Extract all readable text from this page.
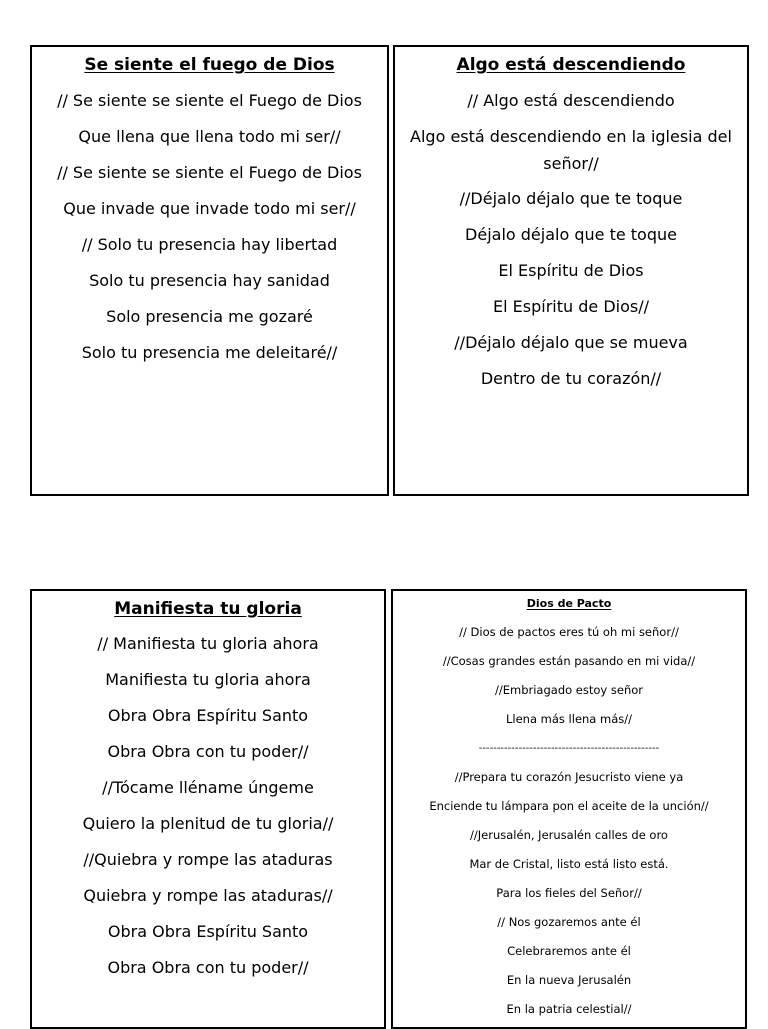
Se siente el fuego de Dios

// Se siente se siente el Fuego de Dios

Que llena que llena todo mi ser//

// Se siente se siente el Fuego de Dios

Que invade que invade todo mi ser//

// Solo tu presencia hay libertad

Solo tu presencia hay sanidad

Solo presencia me gozaré

Solo tu presencia me deleitaré//

Algo está descendiendo

// Algo está descendiendo

Algo está descendiendo en la iglesia del señor//

//Déjalo déjalo que te toque

Déjalo déjalo que te toque

El Espíritu de Dios

El Espíritu de Dios//

//Déjalo déjalo que se mueva

Dentro de tu corazón//

Manifiesta tu gloria

// Manifiesta tu gloria ahora

Manifiesta tu gloria ahora

Obra Obra Espíritu Santo

Obra Obra con tu poder//

//Tócame lléname úngeme

Quiero la plenitud de tu gloria//

//Quiebra y rompe las ataduras

Quiebra y rompe las ataduras//

Obra Obra Espíritu Santo

Obra Obra con tu poder//

Dios de Pacto

// Dios de pactos eres tú oh mi señor//

//Cosas grandes están pasando en mi vida//

//Embriagado estoy señor

Llena más llena más//

--------------------------------------------------

//Prepara tu corazón Jesucristo viene ya

Enciende tu lámpara pon el aceite de la unción//

//Jerusalén, Jerusalén calles de oro

Mar de Cristal, listo está listo está.

Para los fieles del Señor//

// Nos gozaremos ante él

Celebraremos ante él

En la nueva Jerusalén

En la patria celestial//
